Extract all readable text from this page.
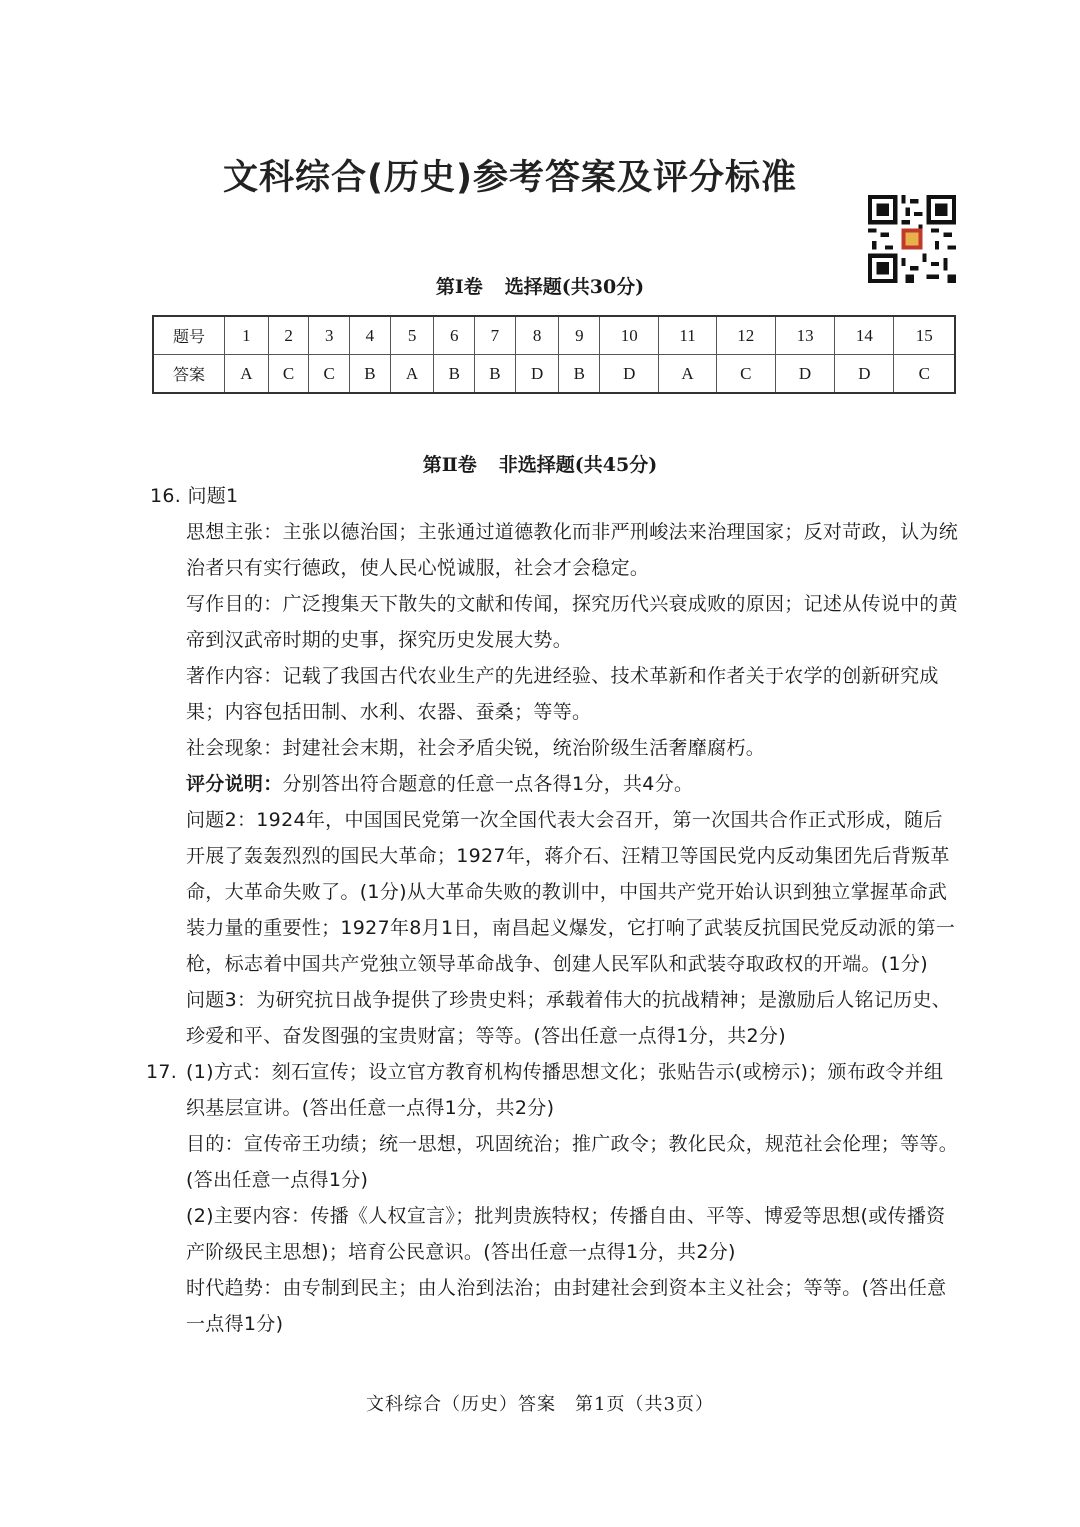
文科综合(历史)参考答案及评分标准
第Ⅰ卷 选择题(共30分)
题号	1	2	3	4	5	6	7	8	9	10	11	12	13	14	15
答案	A	C	C	B	A	B	B	D	B	D	A	C	D	D	C
第Ⅱ卷 非选择题(共45分)

16. 问题1

思想主张：主张以德治国；主张通过道德教化而非严刑峻法来治理国家；反对苛政，认为统治者只有实行德政，使人民心悦诚服，社会才会稳定。

写作目的：广泛搜集天下散失的文献和传闻，探究历代兴衰成败的原因；记述从传说中的黄帝到汉武帝时期的史事，探究历史发展大势。

著作内容：记载了我国古代农业生产的先进经验、技术革新和作者关于农学的创新研究成果；内容包括田制、水利、农器、蚕桑；等等。

社会现象：封建社会末期，社会矛盾尖锐，统治阶级生活奢靡腐朽。

评分说明：分别答出符合题意的任意一点各得1分，共4分。

问题2：1924年，中国国民党第一次全国代表大会召开，第一次国共合作正式形成，随后开展了轰轰烈烈的国民大革命；1927年，蒋介石、汪精卫等国民党内反动集团先后背叛革命，大革命失败了。(1分)从大革命失败的教训中，中国共产党开始认识到独立掌握革命武装力量的重要性；1927年8月1日，南昌起义爆发，它打响了武装反抗国民党反动派的第一枪，标志着中国共产党独立领导革命战争、创建人民军队和武装夺取政权的开端。(1分)

问题3：为研究抗日战争提供了珍贵史料；承载着伟大的抗战精神；是激励后人铭记历史、珍爱和平、奋发图强的宝贵财富；等等。(答出任意一点得1分，共2分)

17. (1)方式：刻石宣传；设立官方教育机构传播思想文化；张贴告示(或榜示)；颁布政令并组织基层宣讲。(答出任意一点得1分，共2分)

目的：宣传帝王功绩；统一思想，巩固统治；推广政令；教化民众，规范社会伦理；等等。(答出任意一点得1分)

(2)主要内容：传播《人权宣言》；批判贵族特权；传播自由、平等、博爱等思想(或传播资产阶级民主思想)；培育公民意识。(答出任意一点得1分，共2分)

时代趋势：由专制到民主；由人治到法治；由封建社会到资本主义社会；等等。(答出任意一点得1分)

文科综合（历史）答案　第1页（共3页）
